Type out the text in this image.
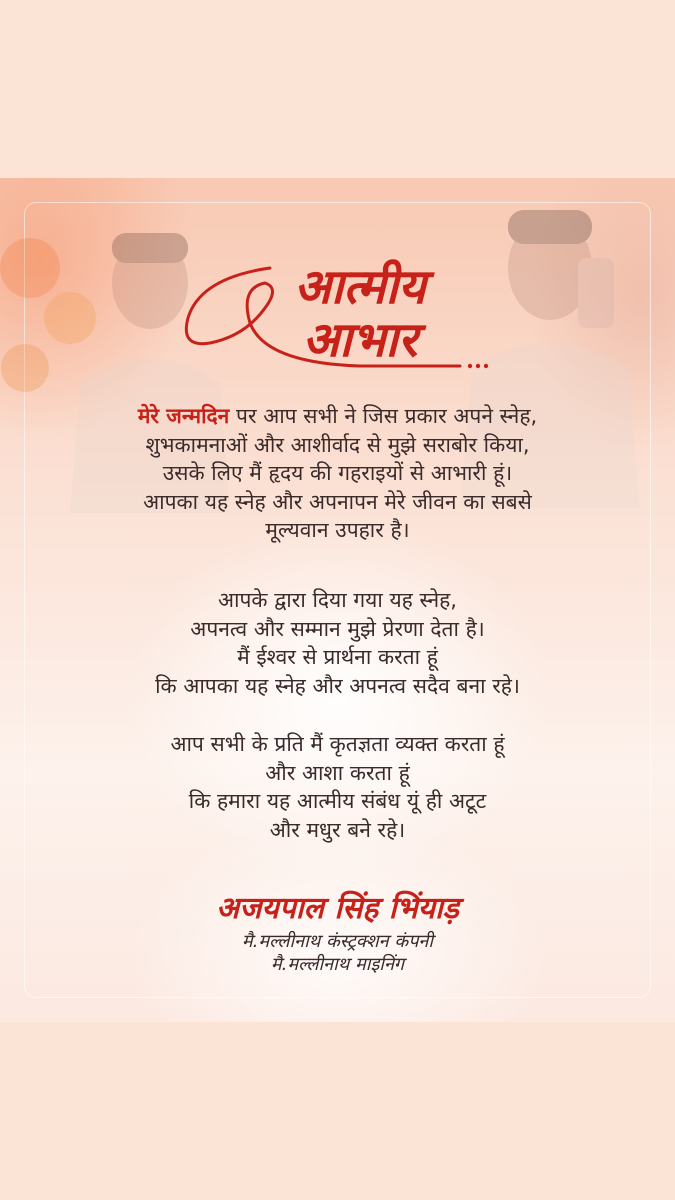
आत्मीय
आभार

मेरे जन्मदिन पर आप सभी ने जिस प्रकार अपने स्नेह,

शुभकामनाओं और आशीर्वाद से मुझे सराबोर किया,

उसके लिए मैं हृदय की गहराइयों से आभारी हूं।

आपका यह स्नेह और अपनापन मेरे जीवन का सबसे

मूल्यवान उपहार है।

आपके द्वारा दिया गया यह स्नेह,

अपनत्व और सम्मान मुझे प्रेरणा देता है।

मैं ईश्वर से प्रार्थना करता हूं

कि आपका यह स्नेह और अपनत्व सदैव बना रहे।

आप सभी के प्रति मैं कृतज्ञता व्यक्त करता हूं

और आशा करता हूं

कि हमारा यह आत्मीय संबंध यूं ही अटूट

और मधुर बने रहे।

अजयपाल सिंह भिंयाड़
मै.मल्लीनाथ कंस्ट्रक्शन कंपनी
मै.मल्लीनाथ माइनिंग
